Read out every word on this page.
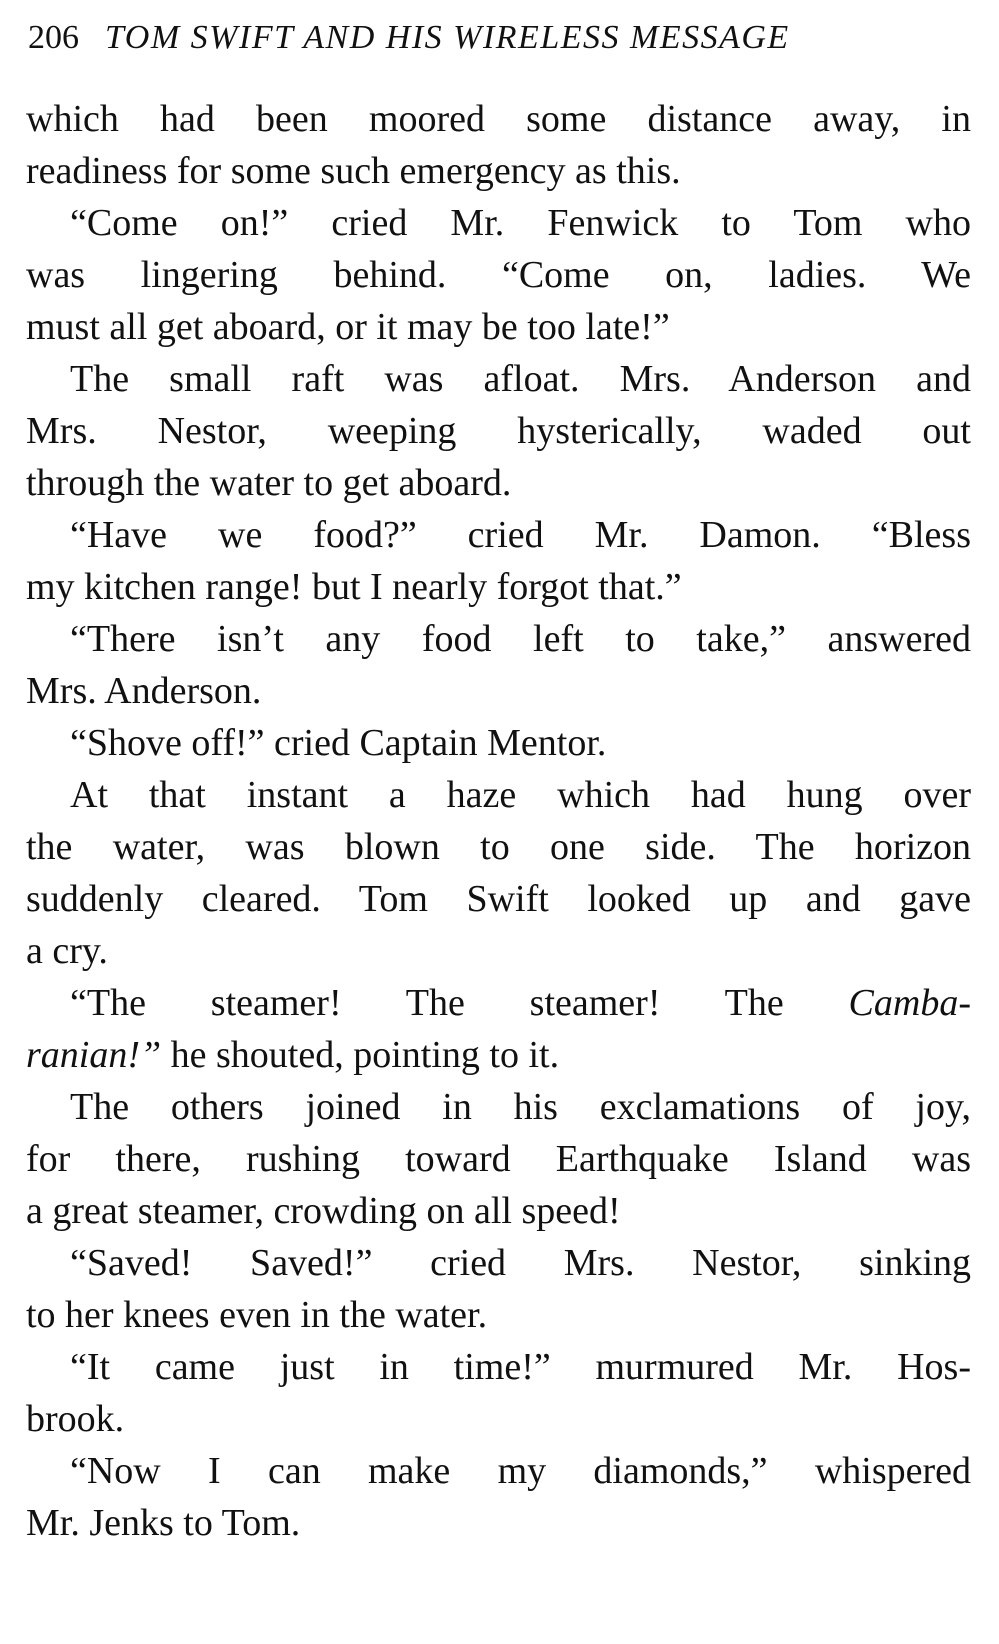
206 TOM SWIFT AND HIS WIRELESS MESSAGE
which had been moored some distance away, in
readiness for some such emergency as this.
“Come on!” cried Mr. Fenwick to Tom who
was lingering behind. “Come on, ladies. We
must all get aboard, or it may be too late!”
The small raft was afloat. Mrs. Anderson and
Mrs. Nestor, weeping hysterically, waded out
through the water to get aboard.
“Have we food?” cried Mr. Damon. “Bless
my kitchen range! but I nearly forgot that.”
“There isn’t any food left to take,” answered
Mrs. Anderson.
“Shove off!” cried Captain Mentor.
At that instant a haze which had hung over
the water, was blown to one side. The horizon
suddenly cleared. Tom Swift looked up and gave
a cry.
“The steamer! The steamer! The Camba-
ranian!” he shouted, pointing to it.
The others joined in his exclamations of joy,
for there, rushing toward Earthquake Island was
a great steamer, crowding on all speed!
“Saved! Saved!” cried Mrs. Nestor, sinking
to her knees even in the water.
“It came just in time!” murmured Mr. Hos-
brook.
“Now I can make my diamonds,” whispered
Mr. Jenks to Tom.
